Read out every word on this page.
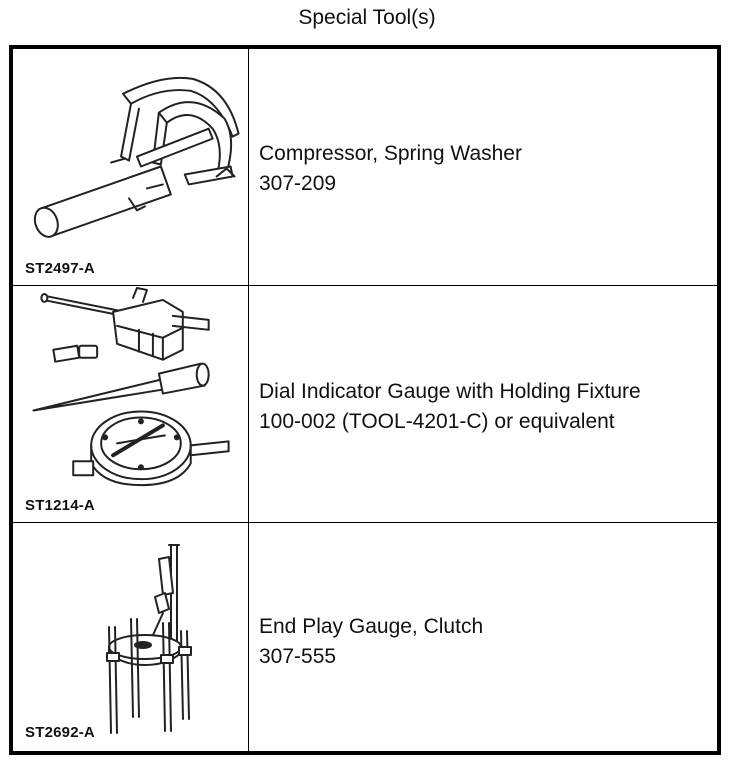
Special Tool(s)
ST2497-A
Compressor, Spring Washer
307-209
ST1214-A
Dial Indicator Gauge with Holding Fixture
100-002 (TOOL-4201-C) or equivalent
ST2692-A
End Play Gauge, Clutch
307-555
